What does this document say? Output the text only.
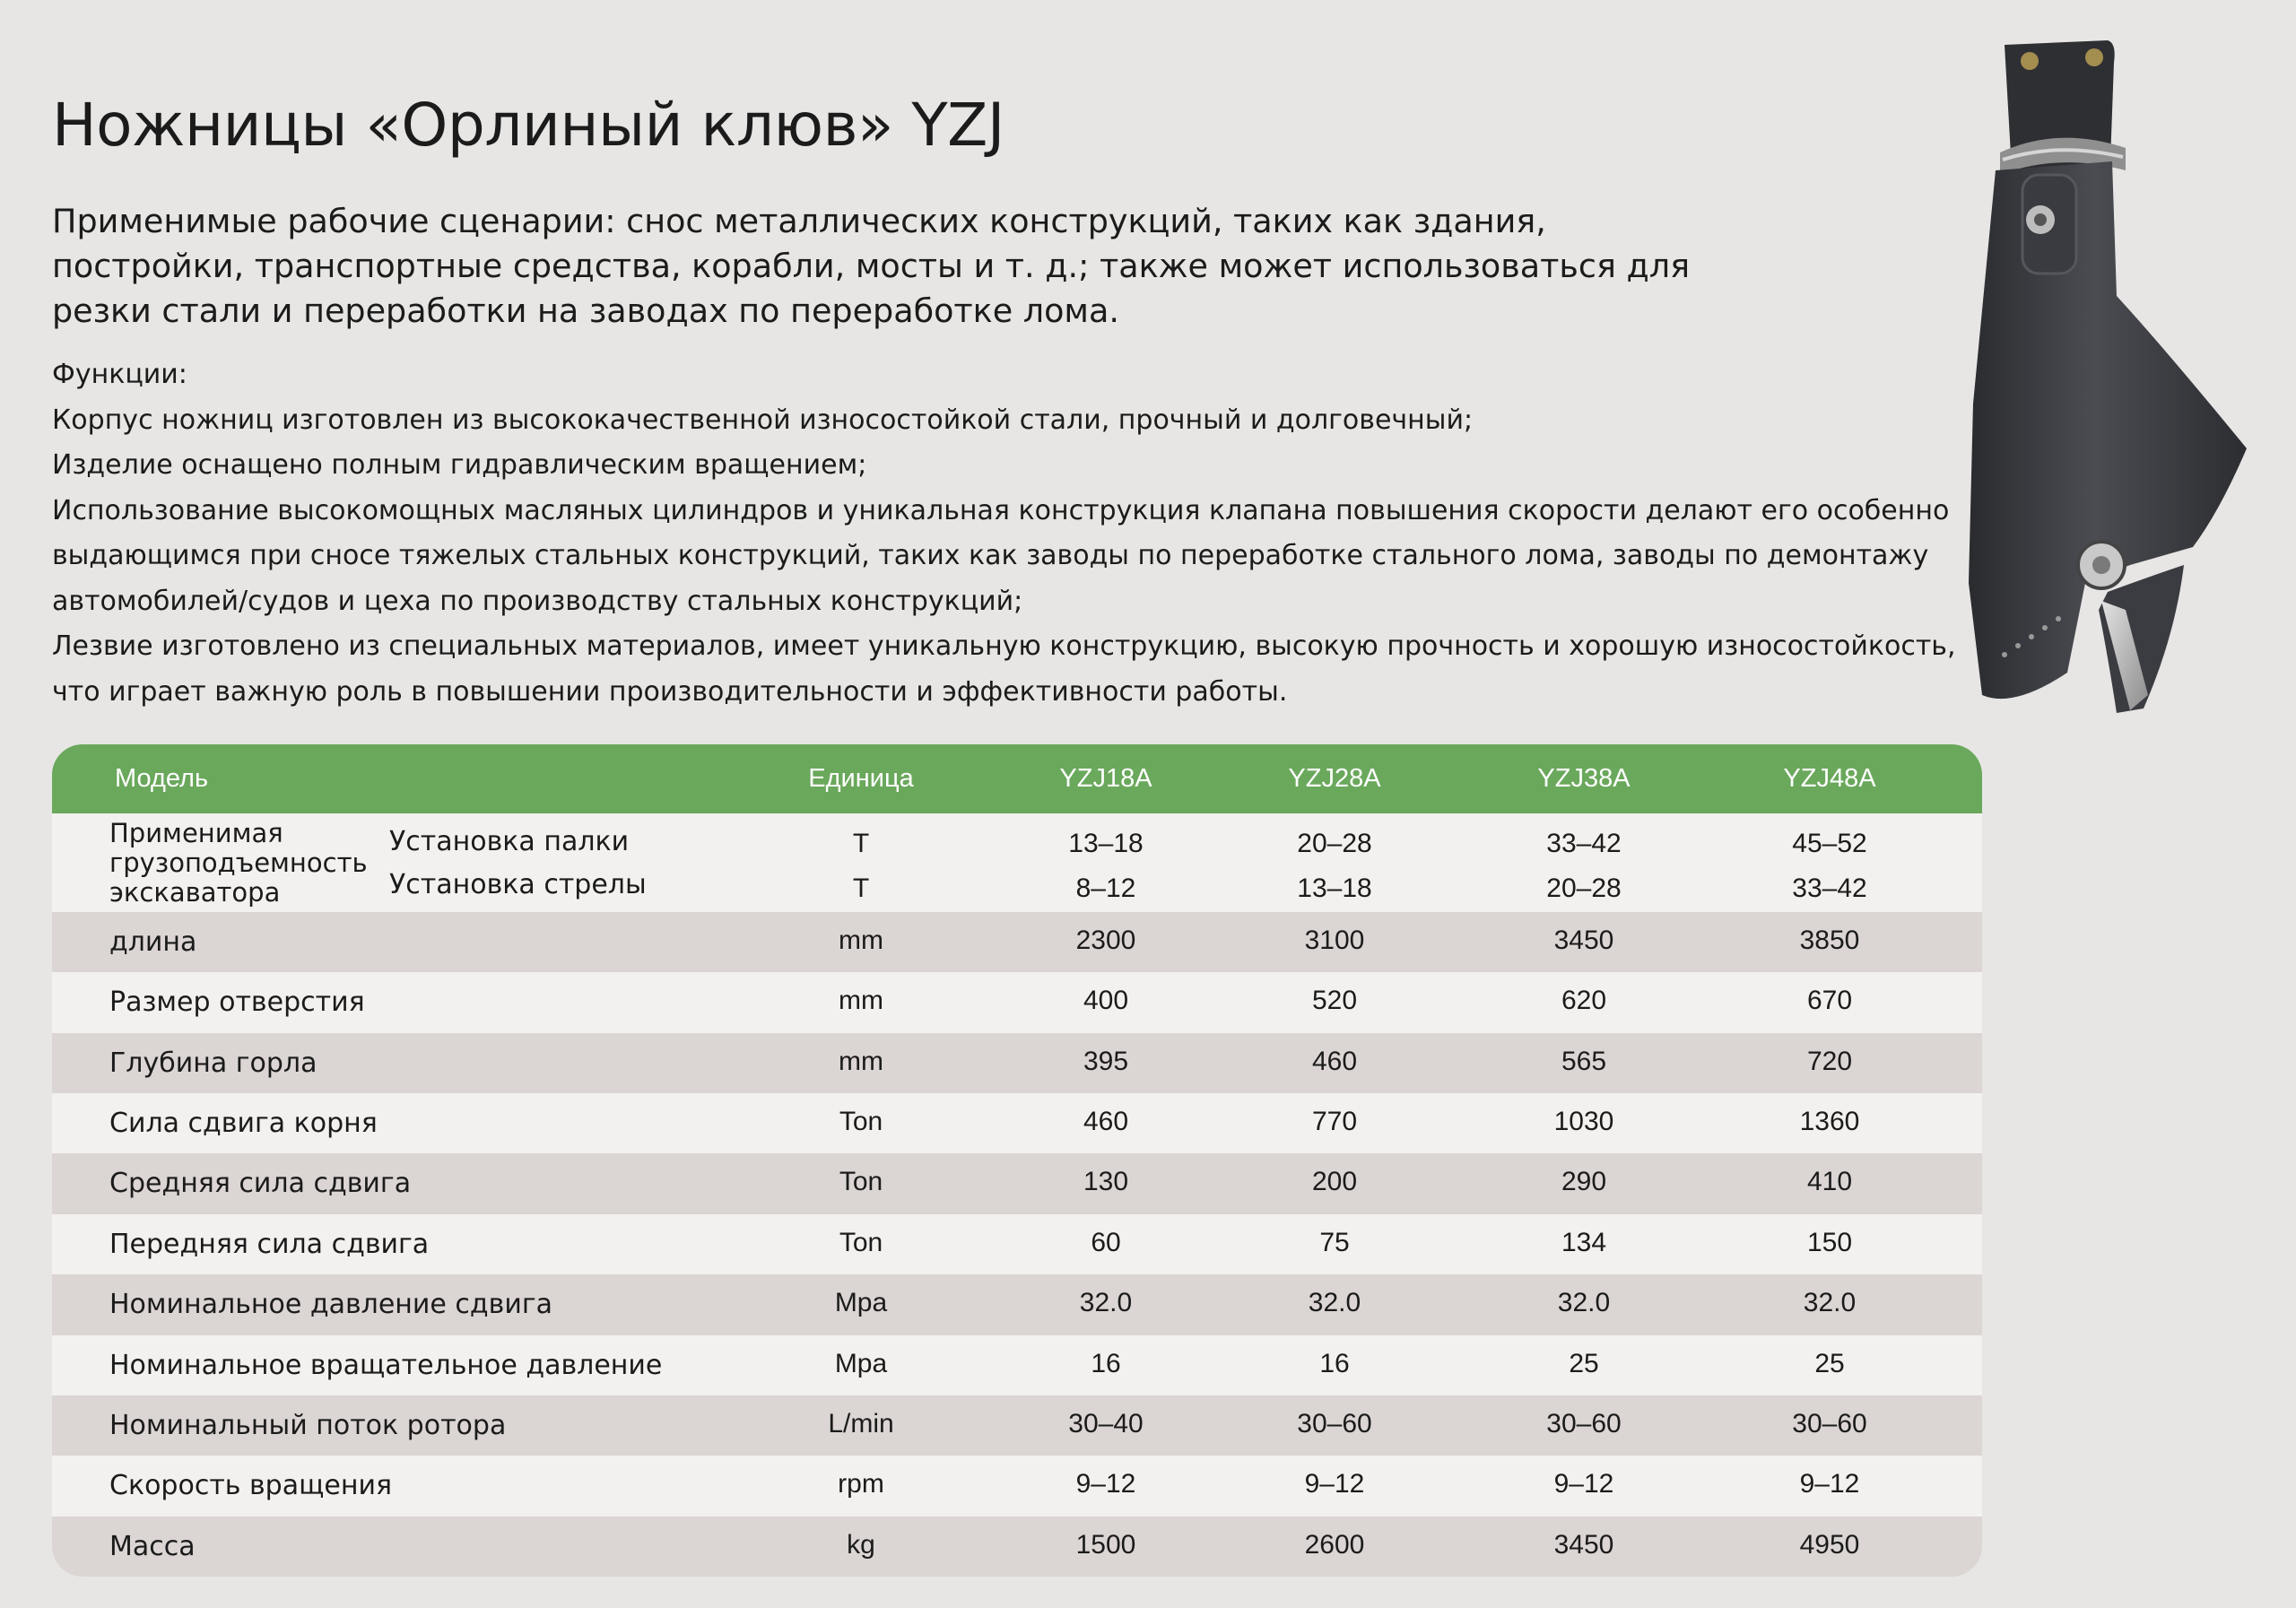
Ножницы «Орлиный клюв» YZJ

Применимые рабочие сценарии: снос металлических конструкций, таких как здания, постройки, транспортные средства, корабли, мосты и т. д.; также может использоваться для резки стали и переработки на заводах по переработке лома.

Функции:
Корпус ножниц изготовлен из высококачественной износостойкой стали, прочный и долговечный;
Изделие оснащено полным гидравлическим вращением;
Использование высокомощных масляных цилиндров и уникальная конструкция клапана повышения скорости делают его особенно
выдающимся при сносе тяжелых стальных конструкций, таких как заводы по переработке стального лома, заводы по демонтажу
автомобилей/судов и цеха по производству стальных конструкций;
Лезвие изготовлено из специальных материалов, имеет уникальную конструкцию, высокую прочность и хорошую износостойкость,
что играет важную роль в повышении производительности и эффективности работы.
Модель	Единица	YZJ18A	YZJ28A	YZJ38A	YZJ48A
Применимая
грузоподъемность
экскаватора
Установка палки	T	13–18	20–28	33–42	45–52
Установка стрелы	T	8–12	13–18	20–28	33–42
длина	mm	2300	3100	3450	3850
Размер отверстия	mm	400	520	620	670
Глубина горла	mm	395	460	565	720
Сила сдвига корня	Ton	460	770	1030	1360
Средняя сила сдвига	Ton	130	200	290	410
Передняя сила сдвига	Ton	60	75	134	150
Номинальное давление сдвига	Mpa	32.0	32.0	32.0	32.0
Номинальное вращательное давление	Mpa	16	16	25	25
Номинальный поток ротора	L/min	30–40	30–60	30–60	30–60
Скорость вращения	rpm	9–12	9–12	9–12	9–12
Масса	kg	1500	2600	3450	4950
